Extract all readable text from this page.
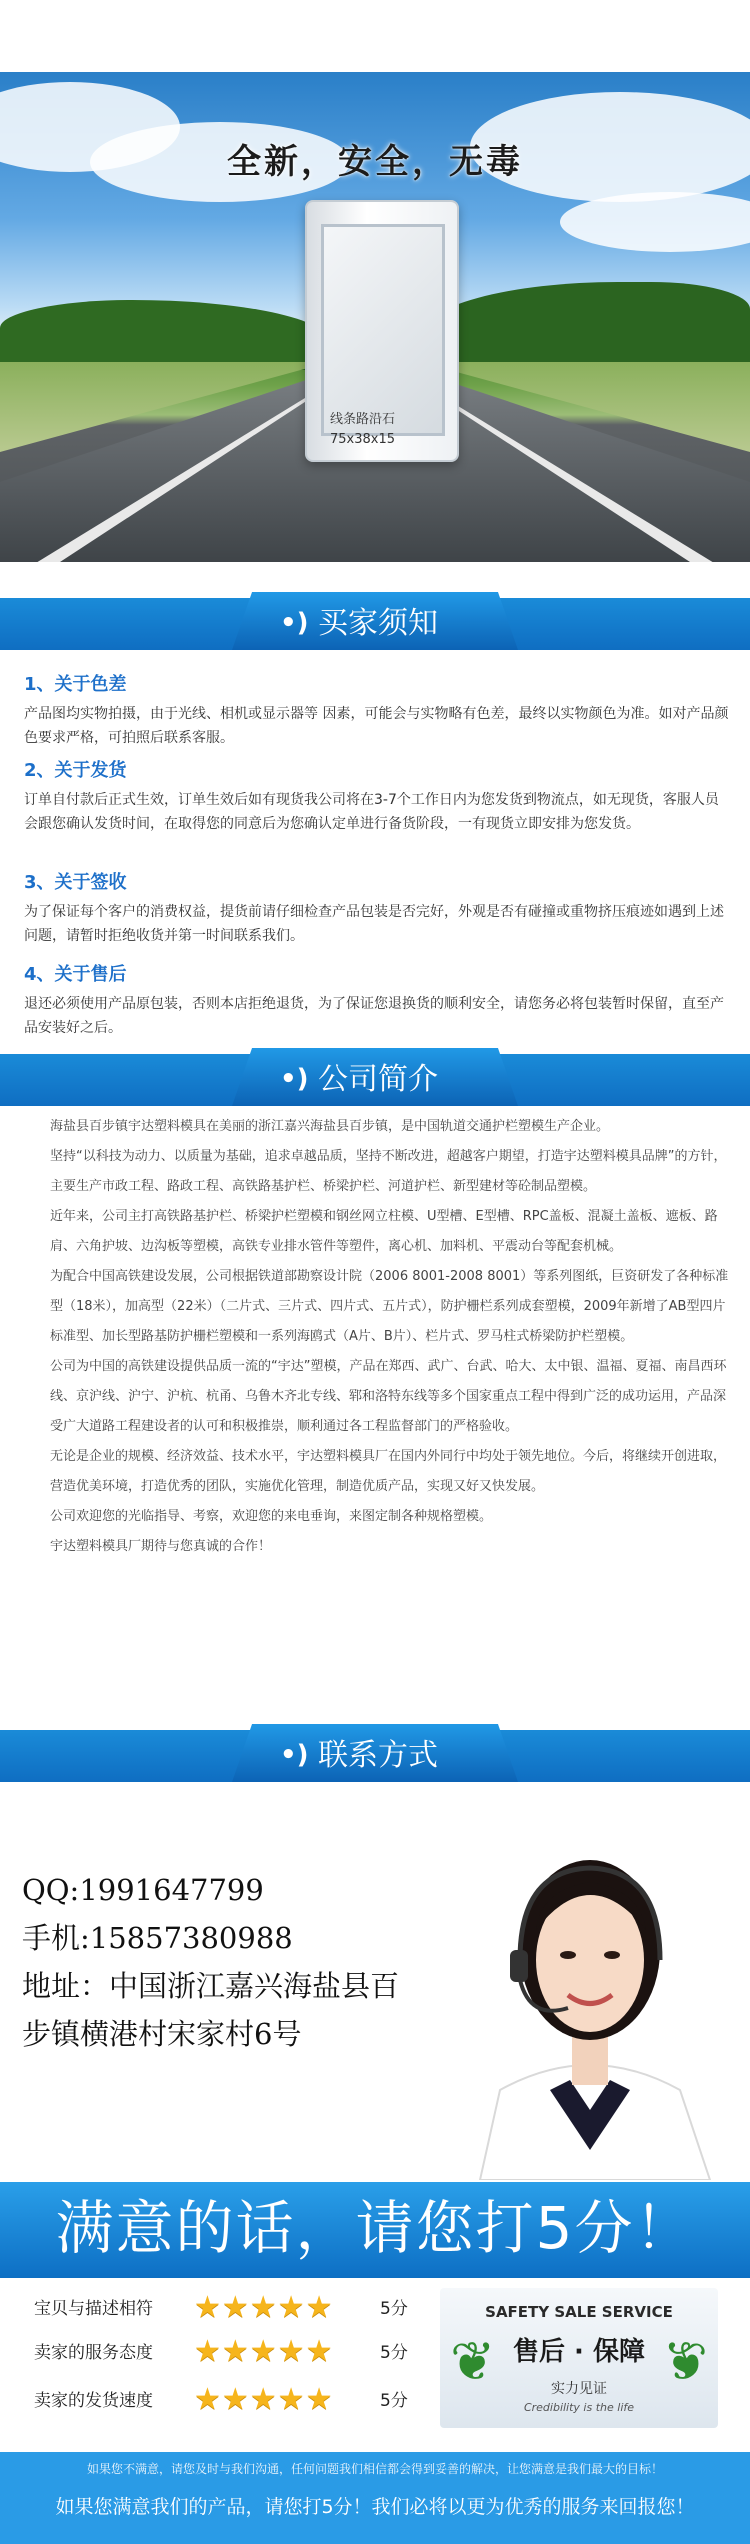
全新，安全，无毒
线条路沿石
75x38x15
•) 买家须知
1、关于色差

产品图均实物拍摄，由于光线、相机或显示器等 因素，可能会与实物略有色差，最终以实物颜色为准。如对产品颜色要求严格，可拍照后联系客服。

2、关于发货

订单自付款后正式生效，订单生效后如有现货我公司将在3-7个工作日内为您发货到物流点，如无现货，客服人员会跟您确认发货时间，在取得您的同意后为您确认定单进行备货阶段，一有现货立即安排为您发货。

3、关于签收

为了保证每个客户的消费权益，提货前请仔细检查产品包装是否完好，外观是否有碰撞或重物挤压痕迹如遇到上述问题，请暂时拒绝收货并第一时间联系我们。

4、关于售后

退还必须使用产品原包装，否则本店拒绝退货，为了保证您退换货的顺利安全，请您务必将包装暂时保留，直至产品安装好之后。

•) 公司简介

海盐县百步镇宇达塑料模具在美丽的浙江嘉兴海盐县百步镇，是中国轨道交通护栏塑模生产企业。

坚持“以科技为动力、以质量为基础，追求卓越品质，坚持不断改进，超越客户期望，打造宇达塑料模具品牌”的方针，主要生产市政工程、路政工程、高铁路基护栏、桥梁护栏、河道护栏、新型建材等砼制品塑模。

近年来，公司主打高铁路基护栏、桥梁护栏塑模和钢丝网立柱模、U型槽、E型槽、RPC盖板、混凝土盖板、遮板、路肩、六角护坡、边沟板等塑模，高铁专业排水管件等塑件，离心机、加料机、平震动台等配套机械。

为配合中国高铁建设发展，公司根据铁道部勘察设计院（2006 8001-2008 8001）等系列图纸，巨资研发了各种标准型（18米），加高型（22米）（二片式、三片式、四片式、五片式），防护栅栏系列成套塑模，2009年新增了AB型四片标准型、加长型路基防护栅栏塑模和一系列海鸥式（A片、B片）、栏片式、罗马柱式桥梁防护栏塑模。

公司为中国的高铁建设提供品质一流的“宇达”塑模，产品在郑西、武广、台武、哈大、太中银、温福、夏福、南昌西环线、京沪线、沪宁、沪杭、杭甬、乌鲁木齐北专线、郓和洛特东线等多个国家重点工程中得到广泛的成功运用，产品深受广大道路工程建设者的认可和积极推崇，顺利通过各工程监督部门的严格验收。

无论是企业的规模、经济效益、技术水平，宇达塑料模具厂在国内外同行中均处于领先地位。今后，将继续开创进取，营造优美环境，打造优秀的团队，实施优化管理，制造优质产品，实现又好又快发展。

公司欢迎您的光临指导、考察，欢迎您的来电垂询，来图定制各种规格塑模。

宇达塑料模具厂期待与您真诚的合作！

•) 联系方式
QQ:1991647799
手机:15857380988
地址：中国浙江嘉兴海盐县百步镇横港村宋家村6号
满意的话，请您打5分！
宝贝与描述相符 ★★★★★	5分
卖家的服务态度 ★★★★★	5分
卖家的发货速度 ★★★★★	5分
❦	❦
SAFETY SALE SERVICE
售后 · 保障
实力见证
Credibility is the life
如果您不满意，请您及时与我们沟通，任何问题我们相信都会得到妥善的解决，让您满意是我们最大的目标！
如果您满意我们的产品，请您打5分！我们必将以更为优秀的服务来回报您！
